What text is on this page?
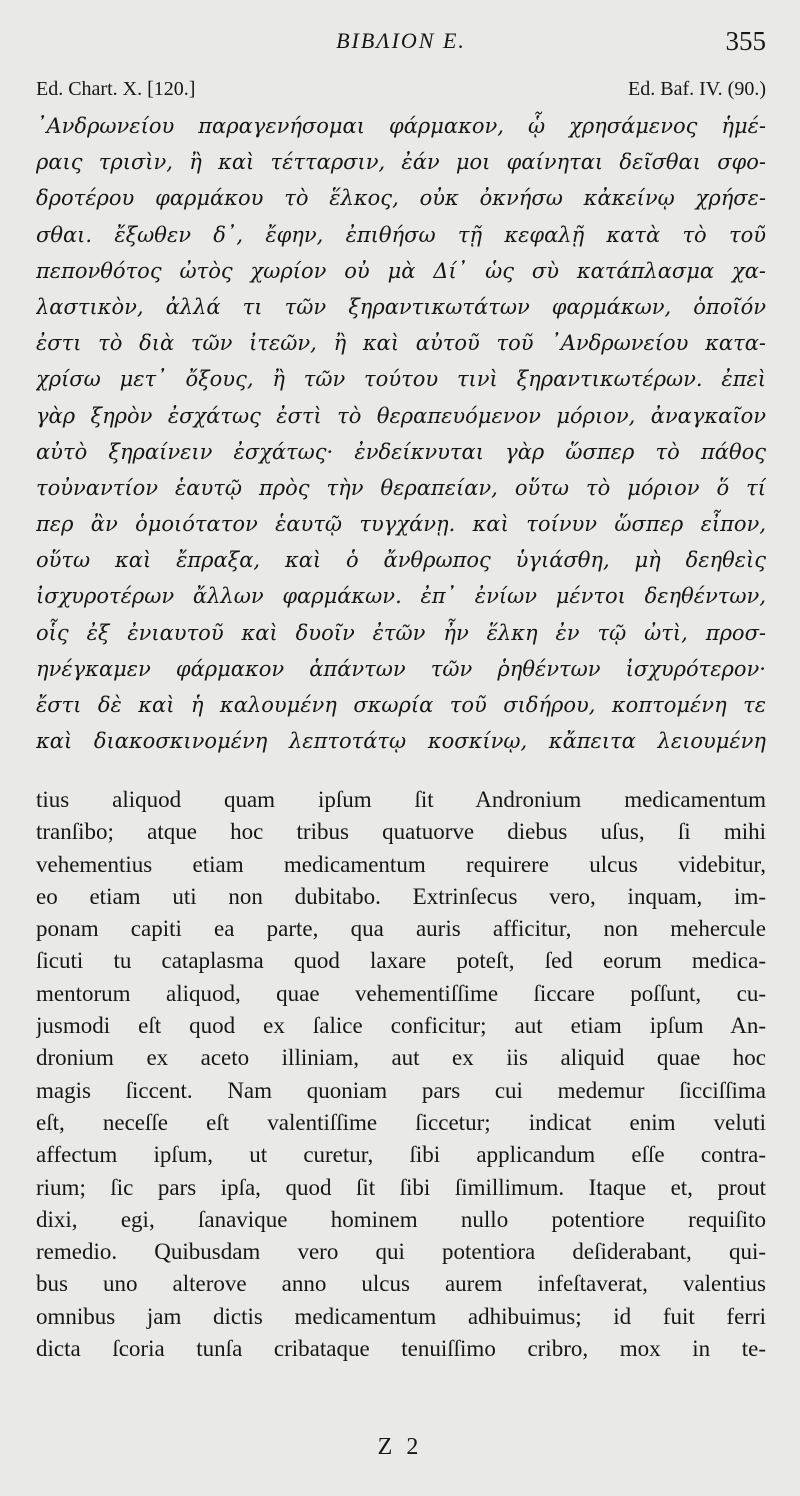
BIBΛΙΟΝ Ε.	355
Ed. Chart. X. [120.]	Ed. Baf. IV. (90.)
᾿Ανδρωνείου παραγενήσομαι φάρμακον, ᾧ χρησάμενος ἡμέ-
ραις τρισὶν, ἢ καὶ τέτταρσιν, ἐάν μοι φαίνηται δεῖσθαι σφο-
δροτέρου φαρμάκου τὸ ἕλκος, οὐκ ὀκνήσω κἀκείνῳ χρήσε-
σθαι. ἔξωθεν δ᾿, ἔφην, ἐπιθήσω τῇ κεφαλῇ κατὰ τὸ τοῦ
πεπονθότος ὠτὸς χωρίον οὐ μὰ Δί᾿ ὡς σὺ κατάπλασμα χα-
λαστικὸν, ἀλλά τι τῶν ξηραντικωτάτων φαρμάκων, ὁποῖόν
ἐστι τὸ διὰ τῶν ἰτεῶν, ἢ καὶ αὐτοῦ τοῦ ᾿Ανδρωνείου κατα-
χρίσω μετ᾿ ὄξους, ἢ τῶν τούτου τινὶ ξηραντικωτέρων. ἐπεὶ
γὰρ ξηρὸν ἐσχάτως ἐστὶ τὸ θεραπευόμενον μόριον, ἀναγκαῖον
αὐτὸ ξηραίνειν ἐσχάτως· ἐνδείκνυται γὰρ ὥσπερ τὸ πάθος
τοὐναντίον ἑαυτῷ πρὸς τὴν θεραπείαν, οὕτω τὸ μόριον ὅ τί
περ ἂν ὁμοιότατον ἑαυτῷ τυγχάνῃ. καὶ τοίνυν ὥσπερ εἶπον,
οὕτω καὶ ἔπραξα, καὶ ὁ ἄνθρωπος ὑγιάσθη, μὴ δεηθεὶς
ἰσχυροτέρων ἄλλων φαρμάκων. ἐπ᾿ ἐνίων μέντοι δεηθέντων,
οἷς ἐξ ἐνιαυτοῦ καὶ δυοῖν ἐτῶν ἦν ἕλκη ἐν τῷ ὠτὶ, προσ-
ηνέγκαμεν φάρμακον ἁπάντων τῶν ῥηθέντων ἰσχυρότερον·
ἔστι δὲ καὶ ἡ καλουμένη σκωρία τοῦ σιδήρου, κοπτομένη τε
καὶ διακοσκινομένη λεπτοτάτῳ κοσκίνῳ, κἄπειτα λειουμένη
tius aliquod quam ipſum ſit Andronium medicamentum
tranſibo; atque hoc tribus quatuorve diebus uſus, ſi mihi
vehementius etiam medicamentum requirere ulcus videbitur,
eo etiam uti non dubitabo. Extrinſecus vero, inquam, im-
ponam capiti ea parte, qua auris afficitur, non mehercule
ſicuti tu cataplasma quod laxare poteſt, ſed eorum medica-
mentorum aliquod, quae vehementiſſime ſiccare poſſunt, cu-
jusmodi eſt quod ex ſalice conficitur; aut etiam ipſum An-
dronium ex aceto illiniam, aut ex iis aliquid quae hoc
magis ſiccent. Nam quoniam pars cui medemur ſicciſſima
eſt, neceſſe eſt valentiſſime ſiccetur; indicat enim veluti
affectum ipſum, ut curetur, ſibi applicandum eſſe contra-
rium; ſic pars ipſa, quod ſit ſibi ſimillimum. Itaque et, prout
dixi, egi, ſanavique hominem nullo potentiore requiſito
remedio. Quibusdam vero qui potentiora deſiderabant, qui-
bus uno alterove anno ulcus aurem infeſtaverat, valentius
omnibus jam dictis medicamentum adhibuimus; id fuit ferri
dicta ſcoria tunſa cribataque tenuiſſimo cribro, mox in te-
Z 2
